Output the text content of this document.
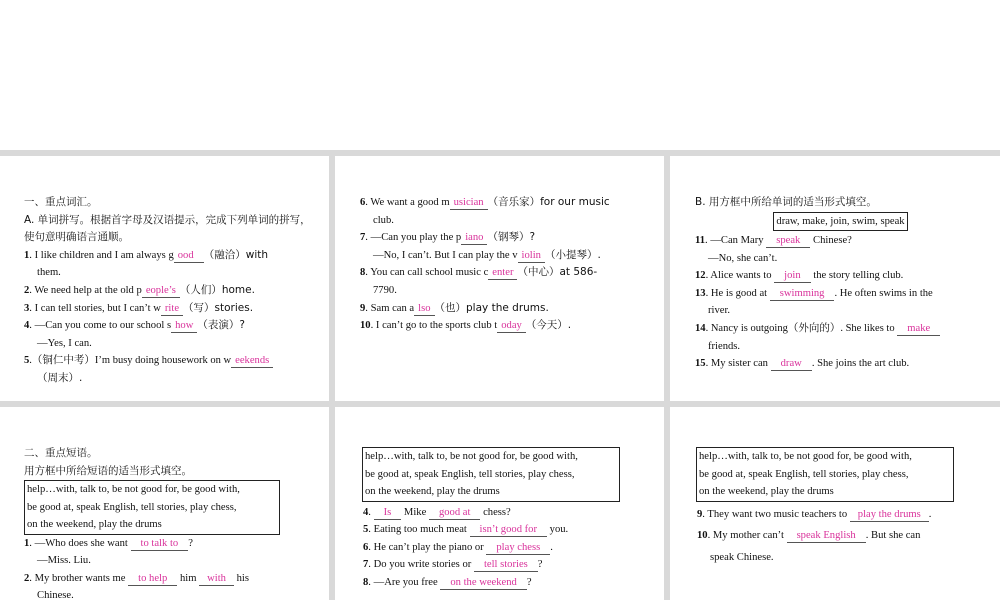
一、重点词汇。
A. 单词拼写。根据首字母及汉语提示，完成下列单词的拼写，使句意明确语言通顺。
1. I like children and I am always g ood （融洽）with
them.
2. We need help at the old p eople’s （人们）home.
3. I can tell stories, but I can’t w rite （写）stories.
4. —Can you come to our school s how （表演）?
—Yes, I can.
5.（铜仁中考）I’m busy doing housework on w eekends
（周末）.
6. We want a good m usician （音乐家）for our music
club.
7. —Can you play the p iano （钢琴）?
—No, I can’t. But I can play the v iolin （小提琴）.
8. You can call school music c enter （中心）at 586-
7790.
9. Sam can a lso （也）play the drums.
10. I can’t go to the sports club t oday （今天）.
B. 用方框中所给单词的适当形式填空。
draw, make, join, swim, speak
11. —Can Mary speak Chinese?
—No, she can’t.
12. Alice wants to join the story telling club.
13. He is good at swimming . He often swims in the
river.
14. Nancy is outgoing（外向的）. She likes to make
friends.
15. My sister can draw . She joins the art club.
二、重点短语。
用方框中所给短语的适当形式填空。
help…with, talk to, be not good for, be good with,
be good at, speak English, tell stories, play chess,
on the weekend, play the drums
1. —Who does she want to talk to ?
—Miss. Liu.
2. My brother wants me to help him with his
Chinese.
help…with, talk to, be not good for, be good with,
be good at, speak English, tell stories, play chess,
on the weekend, play the drums
4. Is Mike good at chess?
5. Eating too much meat isn’t good for you.
6. He can’t play the piano or play chess .
7. Do you write stories or tell stories ?
8. —Are you free on the weekend ?
help…with, talk to, be not good for, be good with,
be good at, speak English, tell stories, play chess,
on the weekend, play the drums
9. They want two music teachers to play the drums .
10. My mother can’t speak English . But she can
speak Chinese.
